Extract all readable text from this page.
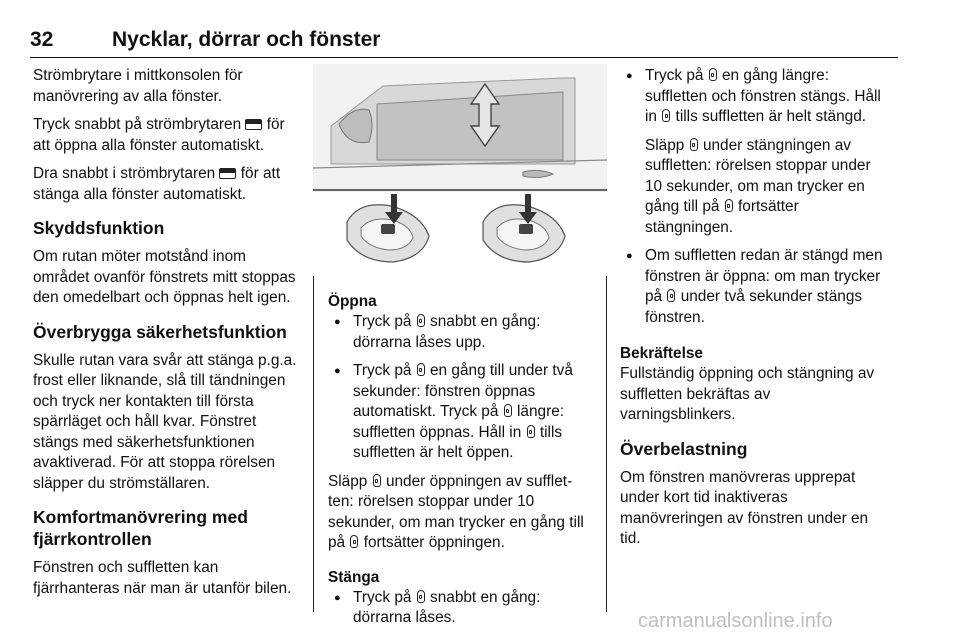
32	Nycklar, dörrar och fönster

Strömbrytare i mittkonsolen för manövrering av alla fönster.

Tryck snabbt på strömbrytaren för att öppna alla fönster automatiskt.

Dra snabbt i strömbrytaren för att stänga alla fönster automatiskt.

Skyddsfunktion

Om rutan möter motstånd inom området ovanför fönstrets mitt stoppas den omedelbart och öppnas helt igen.

Överbrygga säkerhetsfunktion

Skulle rutan vara svår att stänga p.g.a. frost eller liknande, slå till tändningen och tryck ner kontakten till första spärrläget och håll kvar. Fönstret stängs med säkerhetsfunktionen avaktiverad. För att stoppa rörelsen släpper du strömställaren.

Komfortmanövrering med fjärrkontrollen

Fönstren och suffletten kan fjärrhanteras när man är utanför bilen.

Öppna
● Tryck på snabbt en gång: dörrarna låses upp.
● Tryck på en gång till under två sekunder: fönstren öppnas automatiskt. Tryck på längre: suffletten öppnas. Håll in tills suffletten är helt öppen.

Släpp under öppningen av suffletten: rörelsen stoppar under 10 sekunder, om man trycker en gång till på fortsätter öppningen.

Stänga
● Tryck på snabbt en gång: dörrarna låses.
● Tryck på en gång längre: suffletten och fönstren stängs. Håll in tills suffletten är helt stängd.
Släpp under stängningen av suffletten: rörelsen stoppar under 10 sekunder, om man trycker en gång till på fortsätter stängningen.
● Om suffletten redan är stängd men fönstren är öppna: om man trycker på under två sekunder stängs fönstren.
Bekräftelse

Fullständig öppning och stängning av suffletten bekräftas av varningsblinkers.

Överbelastning

Om fönstren manövreras upprepat under kort tid inaktiveras manövreringen av fönstren under en tid.

carmanualsonline.info
